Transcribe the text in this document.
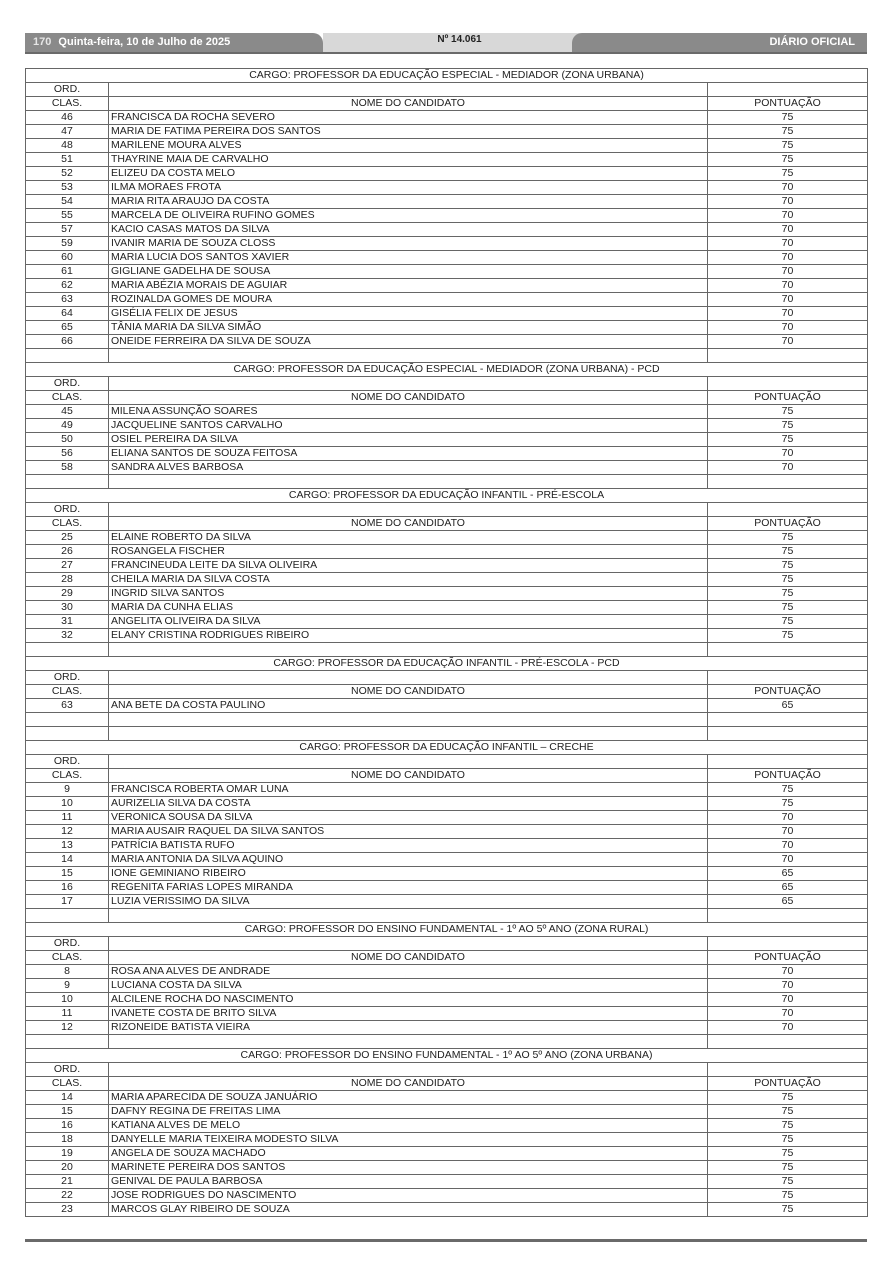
170 Quinta-feira, 10 de Julho de 2025	Nº 14.061	DIÁRIO OFICIAL
CARGO: PROFESSOR DA EDUCAÇÃO ESPECIAL - MEDIADOR (ZONA URBANA)		
ORD.		
CLAS.	NOME DO CANDIDATO	PONTUAÇÃO
46	FRANCISCA DA ROCHA SEVERO	75
47	MARIA DE FATIMA PEREIRA DOS SANTOS	75
48	MARILENE MOURA ALVES	75
51	THAYRINE MAIA DE CARVALHO	75
52	ELIZEU DA COSTA MELO	75
53	ILMA MORAES FROTA	70
54	MARIA RITA ARAUJO DA COSTA	70
55	MARCELA DE OLIVEIRA RUFINO GOMES	70
57	KACIO CASAS MATOS DA SILVA	70
59	IVANIR MARIA DE SOUZA CLOSS	70
60	MARIA LUCIA DOS SANTOS XAVIER	70
61	GIGLIANE GADELHA DE SOUSA	70
62	MARIA ABÉZIA MORAIS DE AGUIAR	70
63	ROZINALDA GOMES DE MOURA	70
64	GISÉLIA FELIX DE JESUS	70
65	TÂNIA MARIA DA SILVA SIMÃO	70
66	ONEIDE FERREIRA DA SILVA DE SOUZA	70

CARGO: PROFESSOR DA EDUCAÇÃO ESPECIAL - MEDIADOR (ZONA URBANA) - PCD		
ORD.		
CLAS.	NOME DO CANDIDATO	PONTUAÇÃO
45	MILENA ASSUNÇÃO SOARES	75
49	JACQUELINE SANTOS CARVALHO	75
50	OSIEL PEREIRA DA SILVA	75
56	ELIANA SANTOS DE SOUZA FEITOSA	70
58	SANDRA ALVES BARBOSA	70

CARGO: PROFESSOR DA EDUCAÇÃO INFANTIL - PRÉ-ESCOLA		
ORD.		
CLAS.	NOME DO CANDIDATO	PONTUAÇÃO
25	ELAINE ROBERTO DA SILVA	75
26	ROSANGELA FISCHER	75
27	FRANCINEUDA LEITE DA SILVA OLIVEIRA	75
28	CHEILA MARIA DA SILVA COSTA	75
29	INGRID SILVA SANTOS	75
30	MARIA DA CUNHA ELIAS	75
31	ANGELITA OLIVEIRA DA SILVA	75
32	ELANY CRISTINA RODRIGUES RIBEIRO	75

CARGO: PROFESSOR DA EDUCAÇÃO INFANTIL - PRÉ-ESCOLA - PCD		
ORD.		
CLAS.	NOME DO CANDIDATO	PONTUAÇÃO
63	ANA BETE DA COSTA PAULINO	65

CARGO: PROFESSOR DA EDUCAÇÃO INFANTIL – CRECHE		
ORD.		
CLAS.	NOME DO CANDIDATO	PONTUAÇÃO
9	FRANCISCA ROBERTA OMAR LUNA	75
10	AURIZELIA SILVA DA COSTA	75
11	VERONICA SOUSA DA SILVA	70
12	MARIA AUSAIR RAQUEL DA SILVA SANTOS	70
13	PATRÍCIA BATISTA RUFO	70
14	MARIA ANTONIA DA SILVA AQUINO	70
15	IONE GEMINIANO RIBEIRO	65
16	REGENITA FARIAS LOPES MIRANDA	65
17	LUZIA VERISSIMO DA SILVA	65

CARGO: PROFESSOR DO ENSINO FUNDAMENTAL - 1º AO 5º ANO (ZONA RURAL)		
ORD.		
CLAS.	NOME DO CANDIDATO	PONTUAÇÃO
8	ROSA ANA ALVES DE ANDRADE	70
9	LUCIANA COSTA DA SILVA	70
10	ALCILENE ROCHA DO NASCIMENTO	70
11	IVANETE COSTA DE BRITO SILVA	70
12	RIZONEIDE BATISTA VIEIRA	70

CARGO: PROFESSOR DO ENSINO FUNDAMENTAL - 1º AO 5º ANO (ZONA URBANA)		
ORD.		
CLAS.	NOME DO CANDIDATO	PONTUAÇÃO
14	MARIA APARECIDA DE SOUZA JANUÁRIO	75
15	DAFNY REGINA DE FREITAS LIMA	75
16	KATIANA ALVES DE MELO	75
18	DANYELLE MARIA TEIXEIRA MODESTO SILVA	75
19	ANGELA DE SOUZA MACHADO	75
20	MARINETE PEREIRA DOS SANTOS	75
21	GENIVAL DE PAULA BARBOSA	75
22	JOSE RODRIGUES DO NASCIMENTO	75
23	MARCOS GLAY RIBEIRO DE SOUZA	75
